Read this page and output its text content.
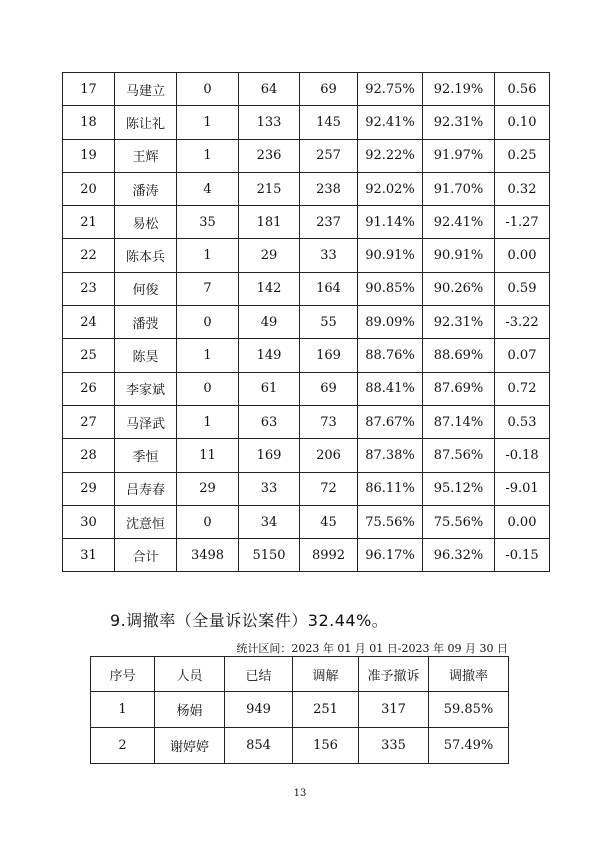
17	马建立	0	64	69	92.75%	92.19%	0.56
18	陈让礼	1	133	145	92.41%	92.31%	0.10
19	王辉	1	236	257	92.22%	91.97%	0.25
20	潘涛	4	215	238	92.02%	91.70%	0.32
21	易松	35	181	237	91.14%	92.41%	-1.27
22	陈本兵	1	29	33	90.91%	90.91%	0.00
23	何俊	7	142	164	90.85%	90.26%	0.59
24	潘弢	0	49	55	89.09%	92.31%	-3.22
25	陈昊	1	149	169	88.76%	88.69%	0.07
26	李家斌	0	61	69	88.41%	87.69%	0.72
27	马泽武	1	63	73	87.67%	87.14%	0.53
28	季恒	11	169	206	87.38%	87.56%	-0.18
29	吕寿春	29	33	72	86.11%	95.12%	-9.01
30	沈意恒	0	34	45	75.56%	75.56%	0.00
31	合计	3498	5150	8992	96.17%	96.32%	-0.15
9.调撤率（全量诉讼案件）32.44%。
统计区间：2023 年 01 月 01 日-2023 年 09 月 30 日
序号	人员	已结	调解	准予撤诉	调撤率
1	杨娟	949	251	317	59.85%
2	谢婷婷	854	156	335	57.49%
13
